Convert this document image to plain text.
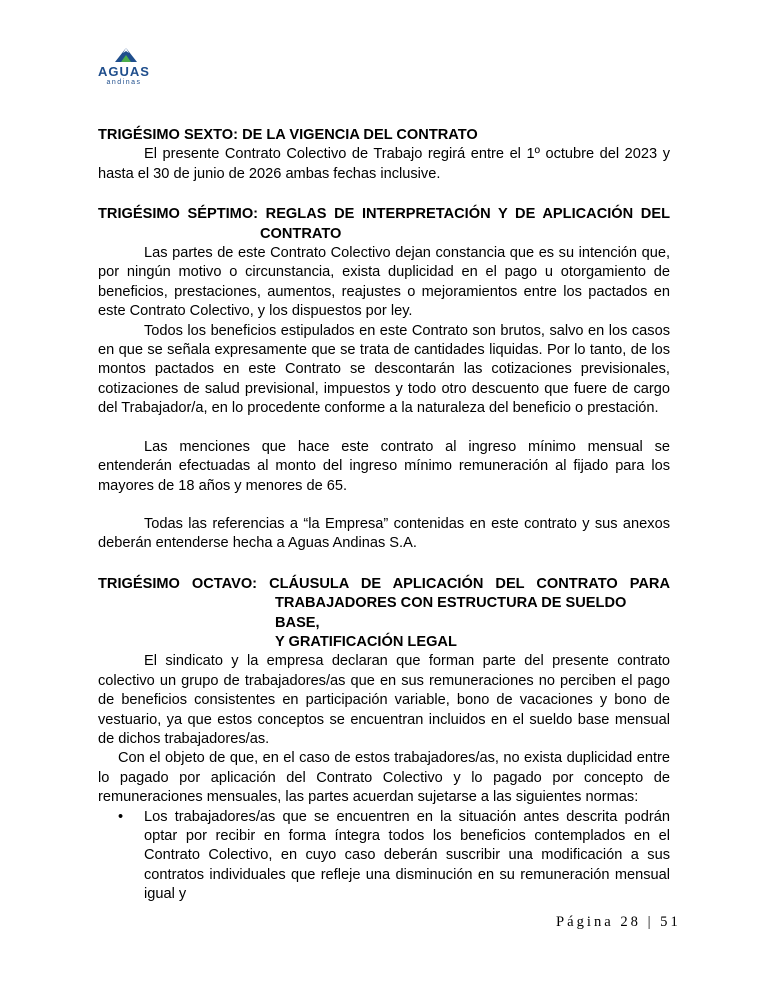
AGUAS
andinas
TRIGÉSIMO SEXTO: DE LA VIGENCIA DEL CONTRATO

El presente Contrato Colectivo de Trabajo regirá entre el 1º octubre del 2023 y hasta el 30 de junio de 2026 ambas fechas inclusive.

TRIGÉSIMO SÉPTIMO: REGLAS DE INTERPRETACIÓN Y DE APLICACIÓN DEL
CONTRATO

Las partes de este Contrato Colectivo dejan constancia que es su intención que, por ningún motivo o circunstancia, exista duplicidad en el pago u otorgamiento de beneficios, prestaciones, aumentos, reajustes o mejoramientos entre los pactados en este Contrato Colectivo, y los dispuestos por ley.

Todos los beneficios estipulados en este Contrato son brutos, salvo en los casos en que se señala expresamente que se trata de cantidades liquidas. Por lo tanto, de los montos pactados en este Contrato se descontarán las cotizaciones previsionales, cotizaciones de salud previsional, impuestos y todo otro descuento que fuere de cargo del Trabajador/a, en lo procedente conforme a la naturaleza del beneficio o prestación.

Las menciones que hace este contrato al ingreso mínimo mensual se entenderán efectuadas al monto del ingreso mínimo remuneración al fijado para los mayores de 18 años y menores de 65.

Todas las referencias a “la Empresa” contenidas en este contrato y sus anexos deberán entenderse hecha a Aguas Andinas S.A.

TRIGÉSIMO OCTAVO: CLÁUSULA DE APLICACIÓN DEL CONTRATO PARA
TRABAJADORES CON ESTRUCTURA DE SUELDO BASE,
Y GRATIFICACIÓN LEGAL

El sindicato y la empresa declaran que forman parte del presente contrato colectivo un grupo de trabajadores/as que en sus remuneraciones no perciben el pago de beneficios consistentes en participación variable, bono de vacaciones y bono de vestuario, ya que estos conceptos se encuentran incluidos en el sueldo base mensual de dichos trabajadores/as.

Con el objeto de que, en el caso de estos trabajadores/as, no exista duplicidad entre lo pagado por aplicación del Contrato Colectivo y lo pagado por concepto de remuneraciones mensuales, las partes acuerdan sujetarse a las siguientes normas:

• Los trabajadores/as que se encuentren en la situación antes descrita podrán optar por recibir en forma íntegra todos los beneficios contemplados en el Contrato Colectivo, en cuyo caso deberán suscribir una modificación a sus contratos individuales que refleje una disminución en su remuneración mensual igual y
Página 28 | 51
